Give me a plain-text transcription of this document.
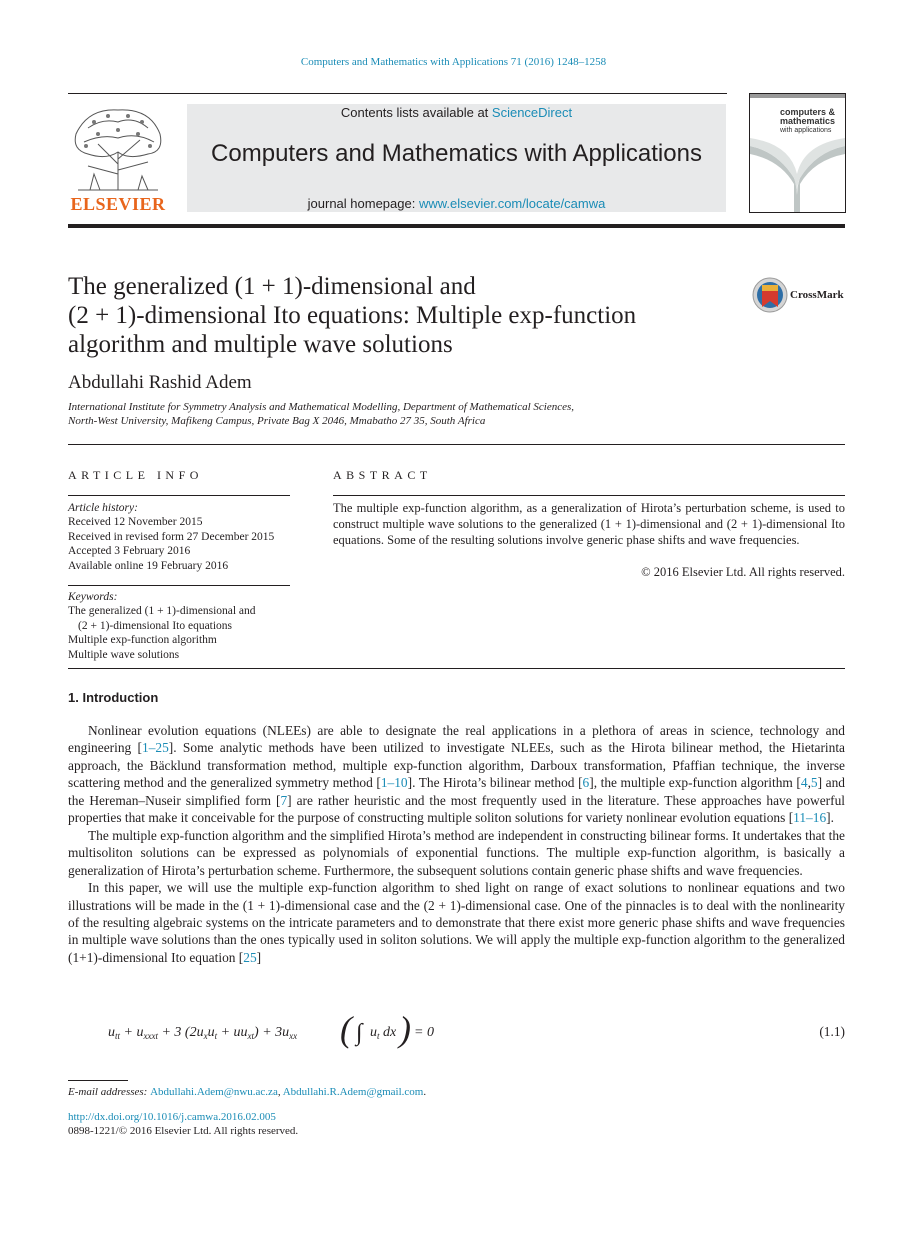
Computers and Mathematics with Applications 71 (2016) 1248–1258
ELSEVIER
Contents lists available at ScienceDirect
Computers and Mathematics with Applications
journal homepage: www.elsevier.com/locate/camwa
computers &
mathematics
with applications
The generalized (1 + 1)-dimensional and
(2 + 1)-dimensional Ito equations: Multiple exp-function
algorithm and multiple wave solutions
CrossMark
Abdullahi Rashid Adem
International Institute for Symmetry Analysis and Mathematical Modelling, Department of Mathematical Sciences,
North-West University, Mafikeng Campus, Private Bag X 2046, Mmabatho 27 35, South Africa
ARTICLE INFO	ABSTRACT
Article history:
Received 12 November 2015
Received in revised form 27 December 2015
Accepted 3 February 2016
Available online 19 February 2016
Keywords:
The generalized (1 + 1)-dimensional and
(2 + 1)-dimensional Ito equations
Multiple exp-function algorithm
Multiple wave solutions
The multiple exp-function algorithm, as a generalization of Hirota’s perturbation scheme, is used to construct multiple wave solutions to the generalized (1 + 1)-dimensional and (2 + 1)-dimensional Ito equations. Some of the resulting solutions involve generic phase shifts and wave frequencies.
© 2016 Elsevier Ltd. All rights reserved.
1. Introduction

Nonlinear evolution equations (NLEEs) are able to designate the real applications in a plethora of areas in science, technology and engineering [1–25]. Some analytic methods have been utilized to investigate NLEEs, such as the Hirota bilinear method, the Hietarinta approach, the Bäcklund transformation method, multiple exp-function algorithm, Darboux transformation, Pfaffian technique, the inverse scattering method and the generalized symmetry method [1–10]. The Hirota’s bilinear method [6], the multiple exp-function algorithm [4,5] and the Hereman–Nuseir simplified form [7] are rather heuristic and the most frequently used in the literature. These approaches have powerful properties that make it conceivable for the purpose of constructing multiple soliton solutions for variety nonlinear evolution equations [11–16].

The multiple exp-function algorithm and the simplified Hirota’s method are independent in constructing bilinear forms. It undertakes that the multisoliton solutions can be expressed as polynomials of exponential functions. The multiple exp-function algorithm, is basically a generalization of Hirota’s perturbation scheme. Furthermore, the subsequent solutions contain generic phase shifts and wave frequencies.

In this paper, we will use the multiple exp-function algorithm to shed light on range of exact solutions to nonlinear equations and two illustrations will be made in the (1 + 1)-dimensional case and the (2 + 1)-dimensional case. One of the pinnacles is to deal with the nonlinearity of the resulting algebraic systems on the intricate parameters and to demonstrate that there exist more generic phase shifts and wave frequencies in multiple wave solutions than the ones typically used in soliton solutions. We will apply the multiple exp-function algorithm to the generalized (1+1)-dimensional Ito equation [25]

$u_{tt} + u_{xxxt} + 3$ $(2u_xu_t + uu_{xt}) + 3u_{xx}$ ( ∫ $u_t$ dx ) = 0	(1.1)
E-mail addresses: Abdullahi.Adem@nwu.ac.za, Abdullahi.R.Adem@gmail.com.
http://dx.doi.org/10.1016/j.camwa.2016.02.005
0898-1221/© 2016 Elsevier Ltd. All rights reserved.
